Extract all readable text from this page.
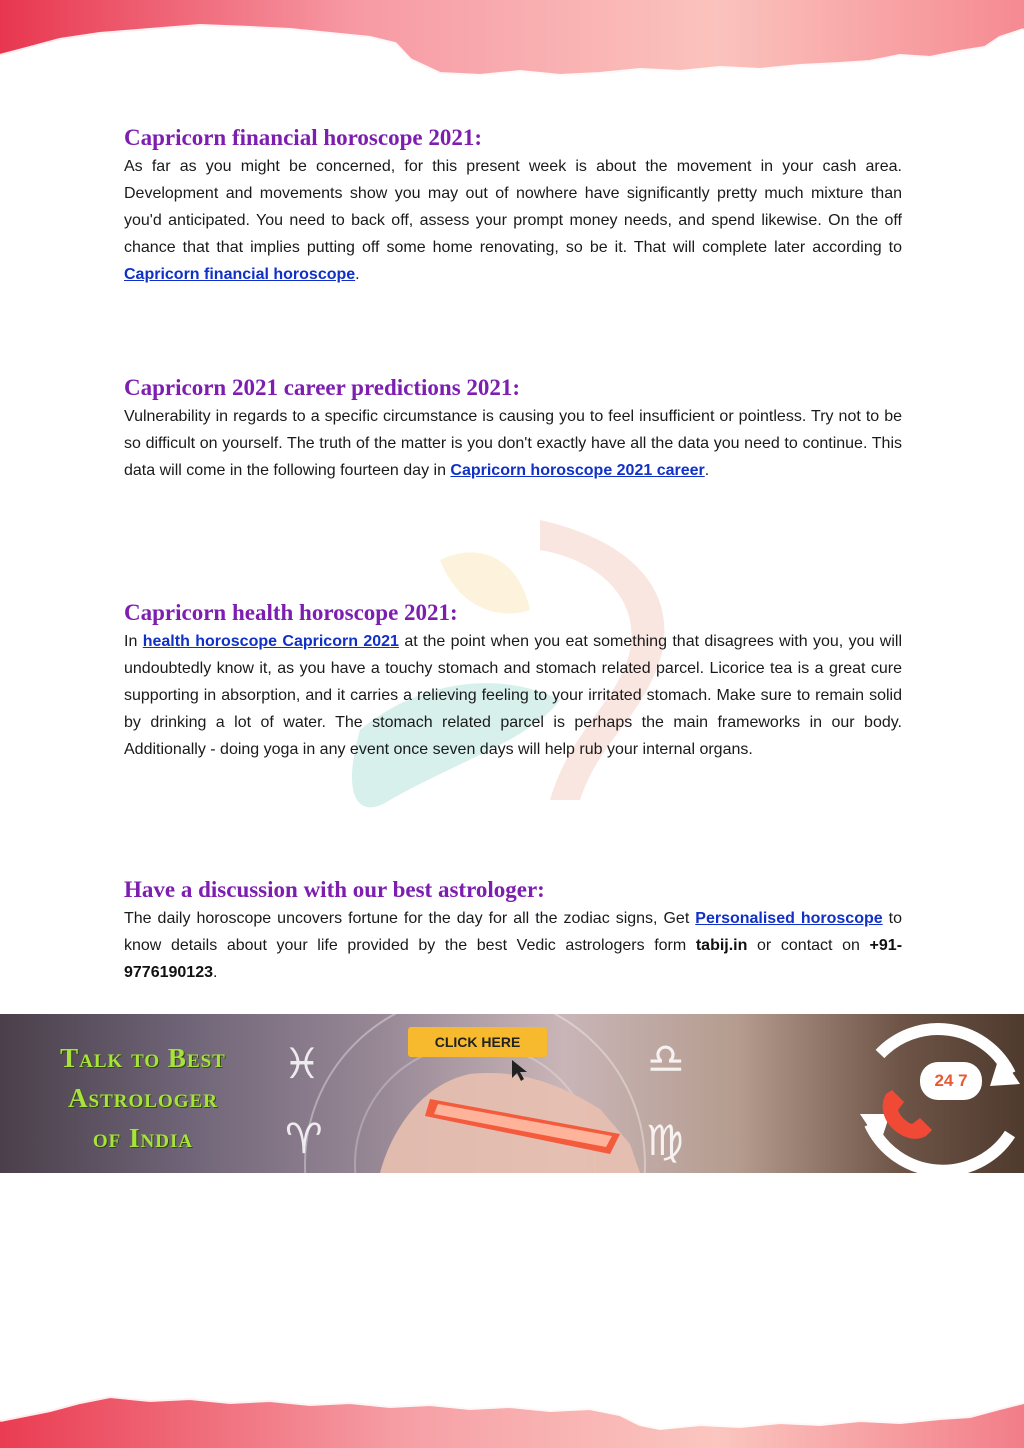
Capricorn financial horoscope 2021:

As far as you might be concerned, for this present week is about the movement in your cash area. Development and movements show you may out of nowhere have significantly pretty much mixture than you'd anticipated. You need to back off, assess your prompt money needs, and spend likewise. On the off chance that that implies putting off some home renovating, so be it. That will complete later according to Capricorn financial horoscope.

Capricorn 2021 career predictions 2021:

Vulnerability in regards to a specific circumstance is causing you to feel insufficient or pointless. Try not to be so difficult on yourself. The truth of the matter is you don't exactly have all the data you need to continue. This data will come in the following fourteen day in Capricorn horoscope 2021 career.

Capricorn health horoscope 2021:

In health horoscope Capricorn 2021 at the point when you eat something that disagrees with you, you will undoubtedly know it, as you have a touchy stomach and stomach related parcel. Licorice tea is a great cure supporting in absorption, and it carries a relieving feeling to your irritated stomach. Make sure to remain solid by drinking a lot of water. The stomach related parcel is perhaps the main frameworks in our body. Additionally - doing yoga in any event once seven days will help rub your internal organs.

Have a discussion with our best astrologer:

The daily horoscope uncovers fortune for the day for all the zodiac signs, Get Personalised horoscope to know details about your life provided by the best Vedic astrologers form tabij.in or contact on +91-9776190123.

Talk to Best
Astrologer
of India
♓
♈
♎
♍
CLICK HERE
24 7
